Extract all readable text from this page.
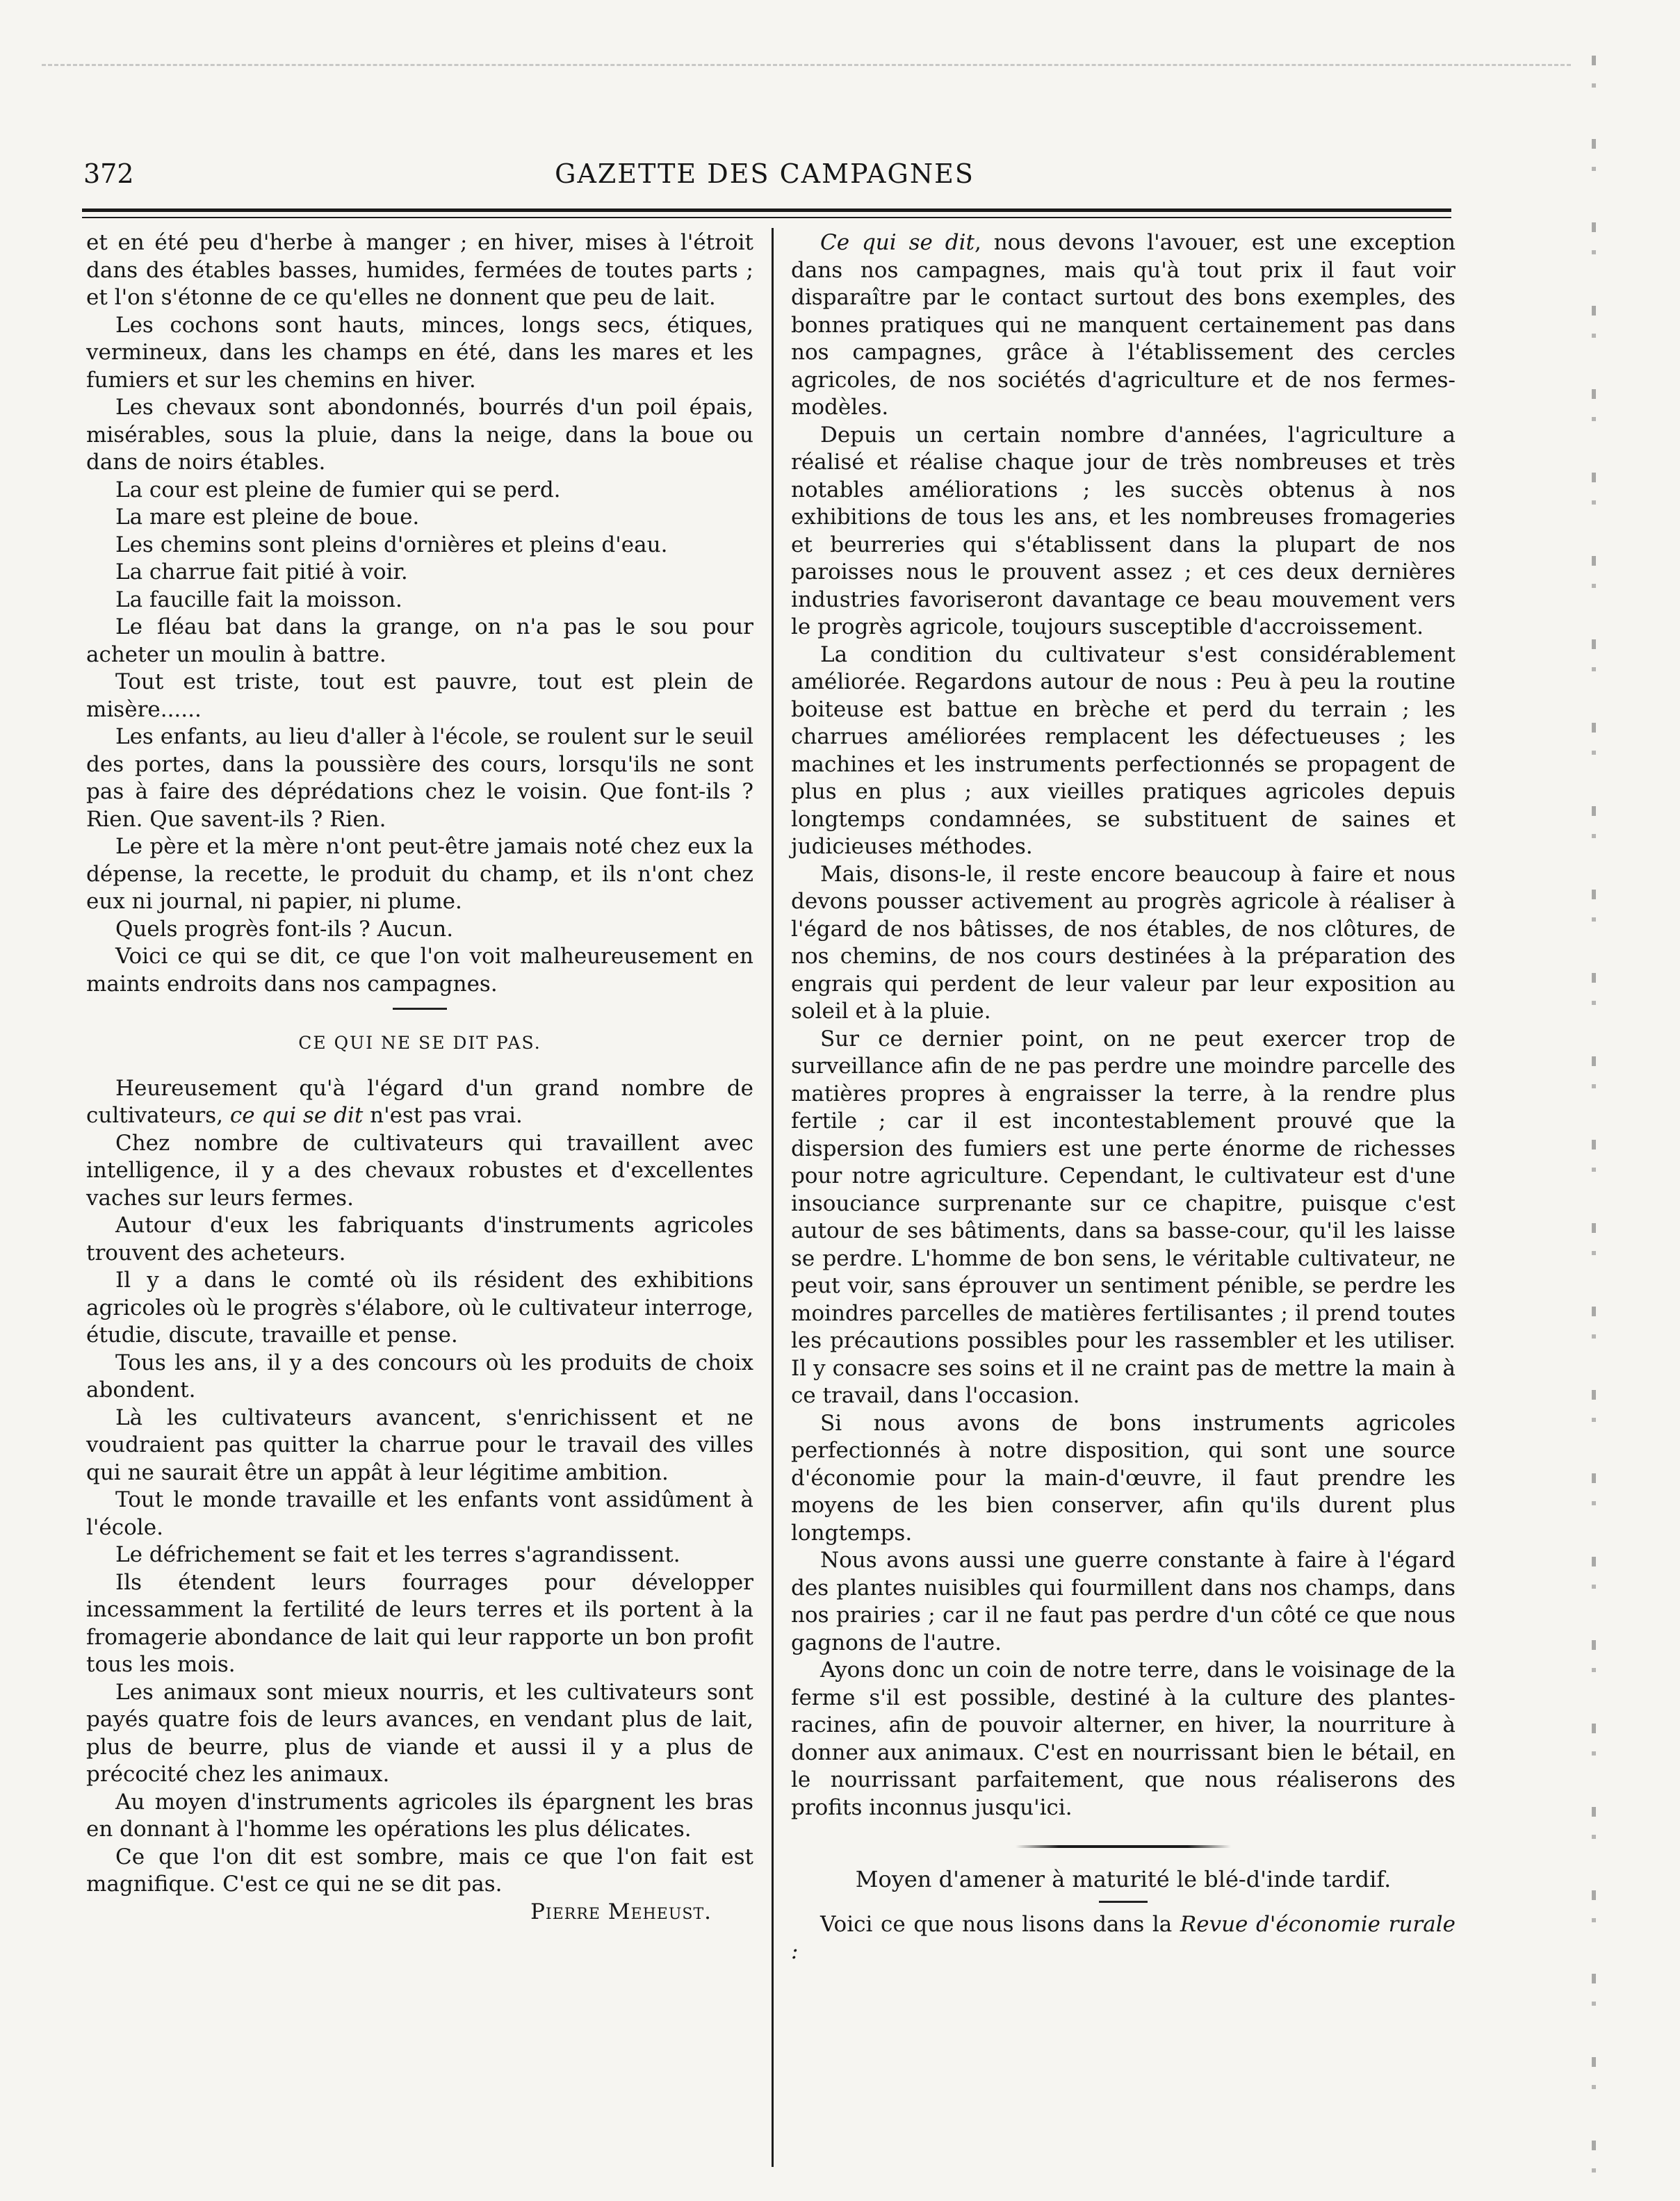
372	GAZETTE DES CAMPAGNES

et en été peu d'herbe à manger ; en hiver, mises à l'étroit dans des étables basses, humides, fermées de toutes parts ; et l'on s'étonne de ce qu'elles ne donnent que peu de lait.

Les cochons sont hauts, minces, longs secs, étiques, vermineux, dans les champs en été, dans les mares et les fumiers et sur les chemins en hiver.

Les chevaux sont abondonnés, bourrés d'un poil épais, misérables, sous la pluie, dans la neige, dans la boue ou dans de noirs étables.

La cour est pleine de fumier qui se perd.

La mare est pleine de boue.

Les chemins sont pleins d'ornières et pleins d'eau.

La charrue fait pitié à voir.

La faucille fait la moisson.

Le fléau bat dans la grange, on n'a pas le sou pour acheter un moulin à battre.

Tout est triste, tout est pauvre, tout est plein de misère......

Les enfants, au lieu d'aller à l'école, se roulent sur le seuil des portes, dans la poussière des cours, lorsqu'ils ne sont pas à faire des déprédations chez le voisin. Que font-ils ? Rien. Que savent-ils ? Rien.

Le père et la mère n'ont peut-être jamais noté chez eux la dépense, la recette, le produit du champ, et ils n'ont chez eux ni journal, ni papier, ni plume.

Quels progrès font-ils ? Aucun.

Voici ce qui se dit, ce que l'on voit malheureusement en maints endroits dans nos campagnes.

CE QUI NE SE DIT PAS.

Heureusement qu'à l'égard d'un grand nombre de cultivateurs, ce qui se dit n'est pas vrai.

Chez nombre de cultivateurs qui travaillent avec intelligence, il y a des chevaux robustes et d'excellentes vaches sur leurs fermes.

Autour d'eux les fabriquants d'instruments agricoles trouvent des acheteurs.

Il y a dans le comté où ils résident des exhibitions agricoles où le progrès s'élabore, où le cultivateur interroge, étudie, discute, travaille et pense.

Tous les ans, il y a des concours où les produits de choix abondent.

Là les cultivateurs avancent, s'enrichissent et ne voudraient pas quitter la charrue pour le travail des villes qui ne saurait être un appât à leur légitime ambition.

Tout le monde travaille et les enfants vont assidûment à l'école.

Le défrichement se fait et les terres s'agrandissent.

Ils étendent leurs fourrages pour développer incessamment la fertilité de leurs terres et ils portent à la fromagerie abondance de lait qui leur rapporte un bon profit tous les mois.

Les animaux sont mieux nourris, et les cultivateurs sont payés quatre fois de leurs avances, en vendant plus de lait, plus de beurre, plus de viande et aussi il y a plus de précocité chez les animaux.

Au moyen d'instruments agricoles ils épargnent les bras en donnant à l'homme les opérations les plus délicates.

Ce que l'on dit est sombre, mais ce que l'on fait est magnifique. C'est ce qui ne se dit pas.

Pierre Meheust.

Ce qui se dit, nous devons l'avouer, est une exception dans nos campagnes, mais qu'à tout prix il faut voir disparaître par le contact surtout des bons exemples, des bonnes pratiques qui ne manquent certainement pas dans nos campagnes, grâce à l'établissement des cercles agricoles, de nos sociétés d'agriculture et de nos fermes-modèles.

Depuis un certain nombre d'années, l'agriculture a réalisé et réalise chaque jour de très nombreuses et très notables améliorations ; les succès obtenus à nos exhibitions de tous les ans, et les nombreuses fromageries et beurreries qui s'établissent dans la plupart de nos paroisses nous le prouvent assez ; et ces deux dernières industries favoriseront davantage ce beau mouvement vers le progrès agricole, toujours susceptible d'accroissement.

La condition du cultivateur s'est considérablement améliorée. Regardons autour de nous : Peu à peu la routine boiteuse est battue en brèche et perd du terrain ; les charrues améliorées remplacent les défectueuses ; les machines et les instruments perfectionnés se propagent de plus en plus ; aux vieilles pratiques agricoles depuis longtemps condamnées, se substituent de saines et judicieuses méthodes.

Mais, disons-le, il reste encore beaucoup à faire et nous devons pousser activement au progrès agricole à réaliser à l'égard de nos bâtisses, de nos étables, de nos clôtures, de nos chemins, de nos cours destinées à la préparation des engrais qui perdent de leur valeur par leur exposition au soleil et à la pluie.

Sur ce dernier point, on ne peut exercer trop de surveillance afin de ne pas perdre une moindre parcelle des matières propres à engraisser la terre, à la rendre plus fertile ; car il est incontestablement prouvé que la dispersion des fumiers est une perte énorme de richesses pour notre agriculture. Cependant, le cultivateur est d'une insouciance surprenante sur ce chapitre, puisque c'est autour de ses bâtiments, dans sa basse-cour, qu'il les laisse se perdre. L'homme de bon sens, le véritable cultivateur, ne peut voir, sans éprouver un sentiment pénible, se perdre les moindres parcelles de matières fertilisantes ; il prend toutes les précautions possibles pour les rassembler et les utiliser. Il y consacre ses soins et il ne craint pas de mettre la main à ce travail, dans l'occasion.

Si nous avons de bons instruments agricoles perfectionnés à notre disposition, qui sont une source d'économie pour la main-d'œuvre, il faut prendre les moyens de les bien conserver, afin qu'ils durent plus longtemps.

Nous avons aussi une guerre constante à faire à l'égard des plantes nuisibles qui fourmillent dans nos champs, dans nos prairies ; car il ne faut pas perdre d'un côté ce que nous gagnons de l'autre.

Ayons donc un coin de notre terre, dans le voisinage de la ferme s'il est possible, destiné à la culture des plantes-racines, afin de pouvoir alterner, en hiver, la nourriture à donner aux animaux. C'est en nourrissant bien le bétail, en le nourrissant parfaitement, que nous réaliserons des profits inconnus jusqu'ici.

Moyen d'amener à maturité le blé-d'inde tardif.

Voici ce que nous lisons dans la Revue d'économie rurale :
